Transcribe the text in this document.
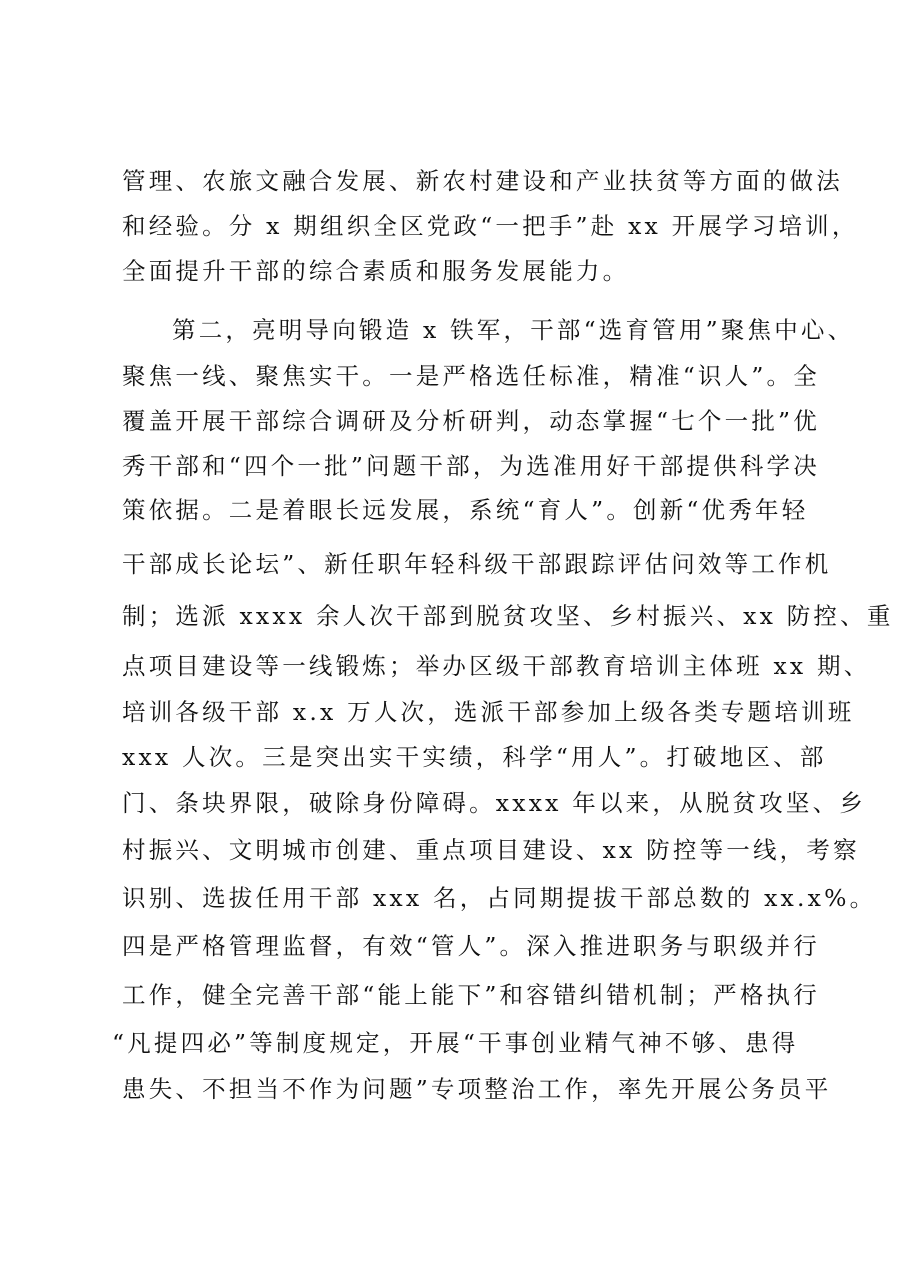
管理、农旅文融合发展、新农村建设和产业扶贫等方面的做法
和经验。分 x 期组织全区党政“一把手”赴 xx 开展学习培训，
全面提升干部的综合素质和服务发展能力。
第二，亮明导向锻造 x 铁军，干部“选育管用”聚焦中心、
聚焦一线、聚焦实干。一是严格选任标准，精准“识人”。全
覆盖开展干部综合调研及分析研判，动态掌握“七个一批”优
秀干部和“四个一批”问题干部，为选准用好干部提供科学决
策依据。二是着眼长远发展，系统“育人”。创新“优秀年轻
干部成长论坛”、新任职年轻科级干部跟踪评估问效等工作机
制；选派 xxxx 余人次干部到脱贫攻坚、乡村振兴、xx 防控、重
点项目建设等一线锻炼；举办区级干部教育培训主体班 xx 期、
培训各级干部 x.x 万人次，选派干部参加上级各类专题培训班
xxx 人次。三是突出实干实绩，科学“用人”。打破地区、部
门、条块界限，破除身份障碍。xxxx 年以来，从脱贫攻坚、乡
村振兴、文明城市创建、重点项目建设、xx 防控等一线，考察
识别、选拔任用干部 xxx 名，占同期提拔干部总数的 xx.x%。
四是严格管理监督，有效“管人”。深入推进职务与职级并行
工作，健全完善干部“能上能下”和容错纠错机制；严格执行
“凡提四必”等制度规定，开展“干事创业精气神不够、患得
患失、不担当不作为问题”专项整治工作，率先开展公务员平
